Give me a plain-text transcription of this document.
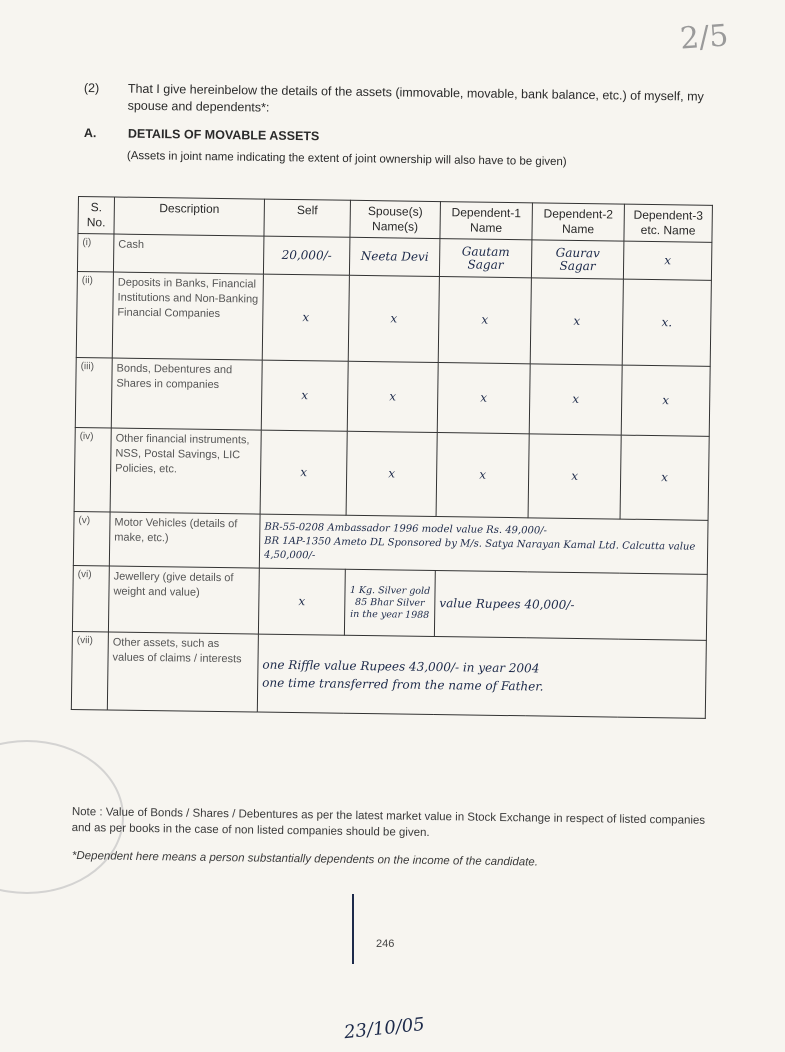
2/5
(2) That I give hereinbelow the details of the assets (immovable, movable, bank balance, etc.) of myself, my spouse and dependents*:
A.	DETAILS OF MOVABLE ASSETS
(Assets in joint name indicating the extent of joint ownership will also have to be given)
S. No.	Description	Self	Spouse(s) Name(s)	Dependent-1 Name	Dependent-2 Name	Dependent-3 etc. Name
(i)	Cash	20,000/-	Neeta Devi	Gautam Sagar	Gaurav Sagar	x
(ii)	Deposits in Banks, Financial Institutions and Non-Banking Financial Companies	x	x	x	x	x.
(iii)	Bonds, Debentures and Shares in companies	x	x	x	x	x
(iv)	Other financial instruments, NSS, Postal Savings, LIC Policies, etc.	x	x	x	x	x
(v)	Motor Vehicles (details of make, etc.)	BR-55-0208 Ambassador 1996 model value Rs. 49,000/-
BR 1AP-1350 Ameto DL Sponsored by M/s. Satya Narayan Kamal Ltd. Calcutta value 4,50,000/-				

(vi)	Jewellery (give details of weight and value)	x	1 Kg. Silver gold 85 Bhar Silver in the year 1988	value Rupees 40,000/-		
(vii)	Other assets, such as values of claims / interests	one Riffle value Rupees 43,000/- in year 2004
one time transferred from the name of Father.				
Note : Value of Bonds / Shares / Debentures as per the latest market value in Stock Exchange in respect of listed companies and as per books in the case of non listed companies should be given.
*Dependent here means a person substantially dependents on the income of the candidate.
246
23/10/05
